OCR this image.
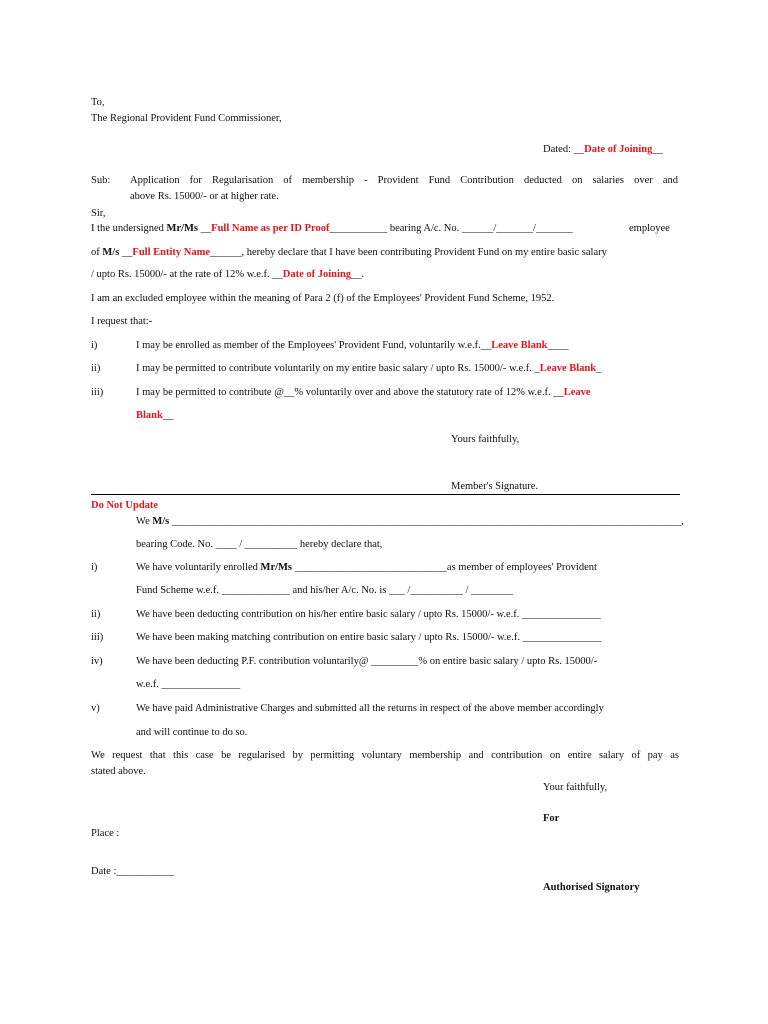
To,
The Regional Provident Fund Commissioner,
Dated: __Date of Joining__
Sub: Application for Regularisation of membership - Provident Fund Contribution deducted on salaries over and
above Rs. 15000/- or at higher rate.
Sir,
I the undersigned Mr/Ms __Full Name as per ID Proof___________ bearing A/c. No. ______/_______/_______	employee
of M/s __Full Entity Name______, hereby declare that I have been contributing Provident Fund on my entire basic salary
/ upto Rs. 15000/- at the rate of 12% w.e.f. __Date of Joining__.
I am an excluded employee within the meaning of Para 2 (f) of the Employees' Provident Fund Scheme, 1952.
I request that:-
i)	I may be enrolled as member of the Employees' Provident Fund, voluntarily w.e.f.__Leave Blank____
ii)	I may be permitted to contribute voluntarily on my entire basic salary / upto Rs. 15000/- w.e.f. _Leave Blank_
iii)	I may be permitted to contribute @__% voluntarily over and above the statutory rate of 12% w.e.f. __Leave
Blank__
Yours faithfully,
Member's Signature.
Do Not Update
We M/s _________________________________________________________________________________________________,
bearing Code. No. ____ / __________ hereby declare that,
i)	We have voluntarily enrolled Mr/Ms _____________________________as member of employees' Provident
Fund Scheme w.e.f. _____________ and his/her A/c. No. is ___ /__________ / ________
ii)	We have been deducting contribution on his/her entire basic salary / upto Rs. 15000/- w.e.f. _______________
iii)	We have been making matching contribution on entire basic salary / upto Rs. 15000/- w.e.f. _______________
iv)	We have been deducting P.F. contribution voluntarily@ _________% on entire basic salary / upto Rs. 15000/-
w.e.f. _______________
v)	We have paid Administrative Charges and submitted all the returns in respect of the above member accordingly
and will continue to do so.
We request that this case be regularised by permitting voluntary membership and contribution on entire salary of pay as
stated above.
Your faithfully,
For
Place :
Date :___________
Authorised Signatory
